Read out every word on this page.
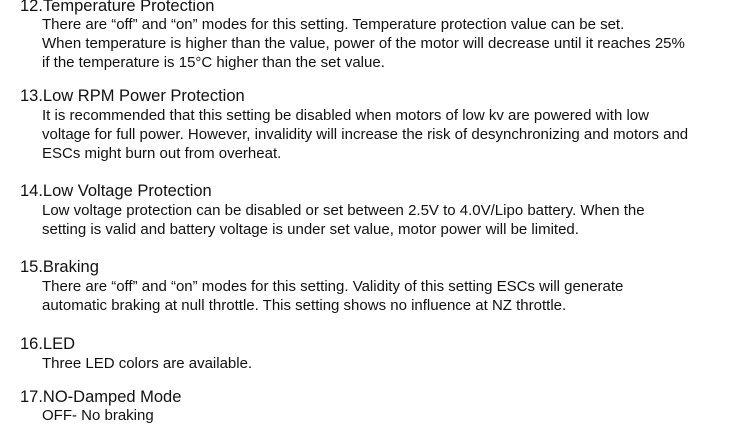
12.Temperature Protection
There are “off” and “on” modes for this setting. Temperature protection value can be set.
When temperature is higher than the value, power of the motor will decrease until it reaches 25%
if the temperature is 15°C higher than the set value.
13.Low RPM Power Protection
It is recommended that this setting be disabled when motors of low kv are powered with low
voltage for full power. However, invalidity will increase the risk of desynchronizing and motors and
ESCs might burn out from overheat.
14.Low Voltage Protection
Low voltage protection can be disabled or set between 2.5V to 4.0V/Lipo battery. When the
setting is valid and battery voltage is under set value, motor power will be limited.
15.Braking
There are “off” and “on” modes for this setting. Validity of this setting ESCs will generate
automatic braking at null throttle. This setting shows no influence at NZ throttle.
16.LED
Three LED colors are available.
17.NO-Damped Mode
OFF- No braking
